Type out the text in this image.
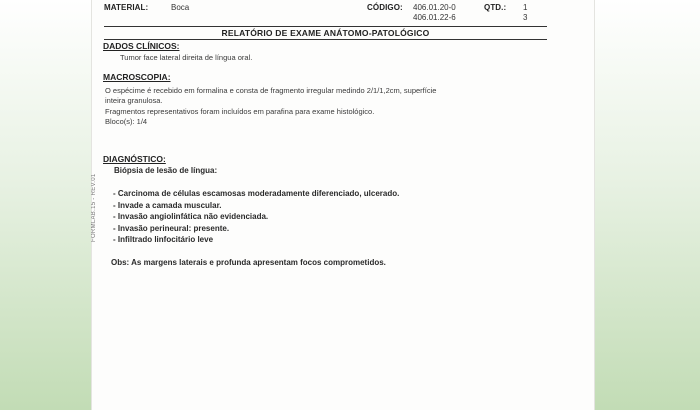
MATERIAL:	Boca	CÓDIGO: 406.01.20-0
406.01.22-6
QTD.: 1
3
RELATÓRIO DE EXAME ANÁTOMO-PATOLÓGICO
DADOS CLÍNICOS:
Tumor face lateral direita de língua oral.
MACROSCOPIA:
O espécime é recebido em formalina e consta de fragmento irregular medindo 2/1/1,2cm, superfície
inteira granulosa.
Fragmentos representativos foram incluídos em parafina para exame histológico.
Bloco(s): 1/4
DIAGNÓSTICO:
Biópsia de lesão de língua:
- Carcinoma de células escamosas moderadamente diferenciado, ulcerado.
- Invade a camada muscular.
- Invasão angiolinfática não evidenciada.
- Invasão perineural: presente.
- Infiltrado linfocitário leve
Obs: As margens laterais e profunda apresentam focos comprometidos.
FORMLAB.15 - REV.01
